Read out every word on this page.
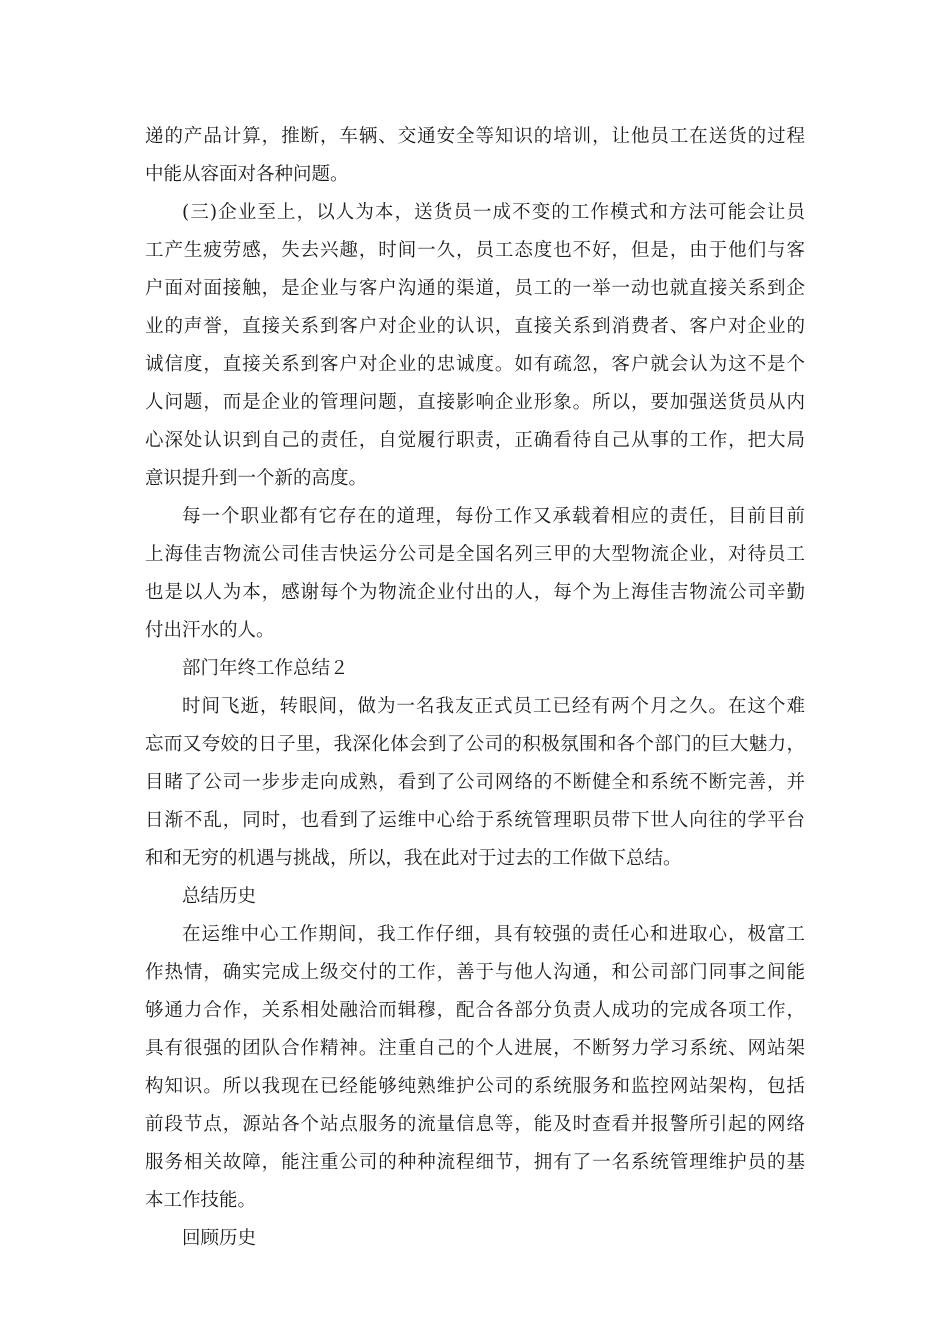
递的产品计算，推断，车辆、交通安全等知识的培训，让他员工在送货的过程
中能从容面对各种问题。
(三)企业至上，以人为本，送货员一成不变的工作模式和方法可能会让员
工产生疲劳感，失去兴趣，时间一久，员工态度也不好，但是，由于他们与客
户面对面接触，是企业与客户沟通的渠道，员工的一举一动也就直接关系到企
业的声誉，直接关系到客户对企业的认识，直接关系到消费者、客户对企业的
诚信度，直接关系到客户对企业的忠诚度。如有疏忽，客户就会认为这不是个
人问题，而是企业的管理问题，直接影响企业形象。所以，要加强送货员从内
心深处认识到自己的责任，自觉履行职责，正确看待自己从事的工作，把大局
意识提升到一个新的高度。
每一个职业都有它存在的道理，每份工作又承载着相应的责任，目前目前
上海佳吉物流公司佳吉快运分公司是全国名列三甲的大型物流企业，对待员工
也是以人为本，感谢每个为物流企业付出的人，每个为上海佳吉物流公司辛勤
付出汗水的人。
部门年终工作总结２
时间飞逝，转眼间，做为一名我友正式员工已经有两个月之久。在这个难
忘而又夸姣的日子里，我深化体会到了公司的积极氛围和各个部门的巨大魅力，
目睹了公司一步步走向成熟，看到了公司网络的不断健全和系统不断完善，并
日渐不乱，同时，也看到了运维中心给于系统管理职员带下世人向往的学平台
和和无穷的机遇与挑战，所以，我在此对于过去的工作做下总结。
总结历史
在运维中心工作期间，我工作仔细，具有较强的责任心和进取心，极富工
作热情，确实完成上级交付的工作，善于与他人沟通，和公司部门同事之间能
够通力合作，关系相处融洽而辑穆，配合各部分负责人成功的完成各项工作，
具有很强的团队合作精神。注重自己的个人进展，不断努力学习系统、网站架
构知识。所以我现在已经能够纯熟维护公司的系统服务和监控网站架构，包括
前段节点，源站各个站点服务的流量信息等，能及时查看并报警所引起的网络
服务相关故障，能注重公司的种种流程细节，拥有了一名系统管理维护员的基
本工作技能。
回顾历史
